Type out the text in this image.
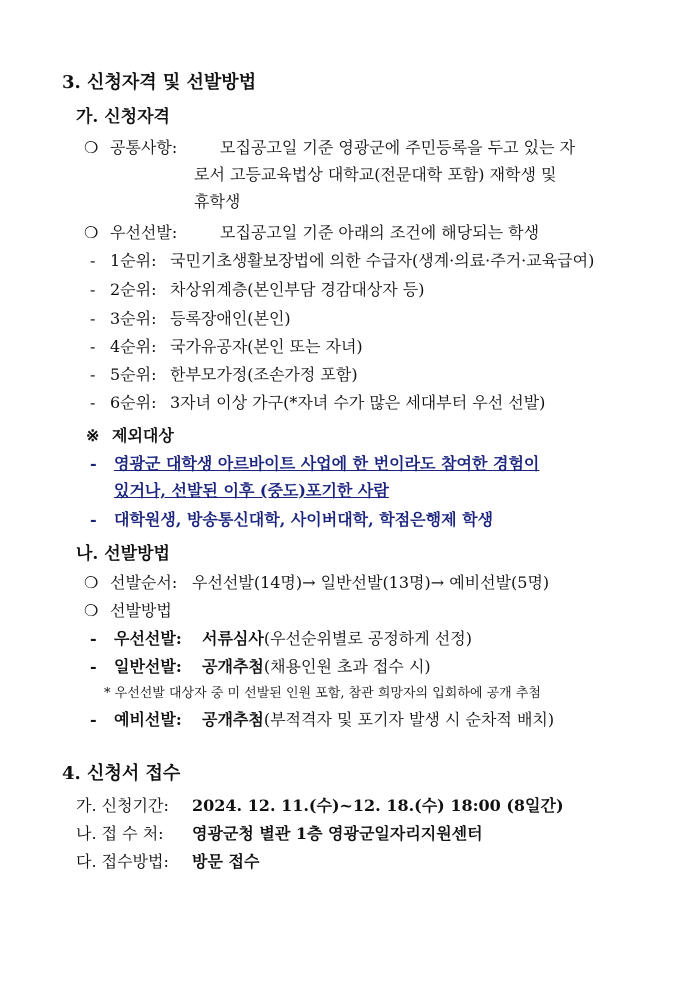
3. 신청자격 및 선발방법
가. 신청자격
❍ 공통사항:	모집공고일 기준 영광군에 주민등록을 두고 있는 자
로서 고등교육법상 대학교(전문대학 포함) 재학생 및
휴학생
❍ 우선선발:	모집공고일 기준 아래의 조건에 해당되는 학생
- 1순위: 국민기초생활보장법에 의한 수급자(생계·의료·주거·교육급여)
- 2순위: 차상위계층(본인부담 경감대상자 등)
- 3순위: 등록장애인(본인)
- 4순위: 국가유공자(본인 또는 자녀)
- 5순위: 한부모가정(조손가정 포함)
- 6순위: 3자녀 이상 가구(*자녀 수가 많은 세대부터 우선 선발)
※ 제외대상
- 영광군 대학생 아르바이트 사업에 한 번이라도 참여한 경험이
있거나, 선발된 이후 (중도)포기한 사람
- 대학원생, 방송통신대학, 사이버대학, 학점은행제 학생
나. 선발방법
❍ 선발순서: 우선선발(14명)→ 일반선발(13명)→ 예비선발(5명)
❍ 선발방법
- 우선선발: 서류심사(우선순위별로 공정하게 선정)
- 일반선발: 공개추첨(채용인원 초과 접수 시)
* 우선선발 대상자 중 미 선발된 인원 포함, 참관 희망자의 입회하에 공개 추첨
- 예비선발: 공개추첨(부적격자 및 포기자 발생 시 순차적 배치)
4. 신청서 접수
가. 신청기간: 2024. 12. 11.(수)~12. 18.(수) 18:00 (8일간)
나. 접 수 처: 영광군청 별관 1층 영광군일자리지원센터
다. 접수방법: 방문 접수
